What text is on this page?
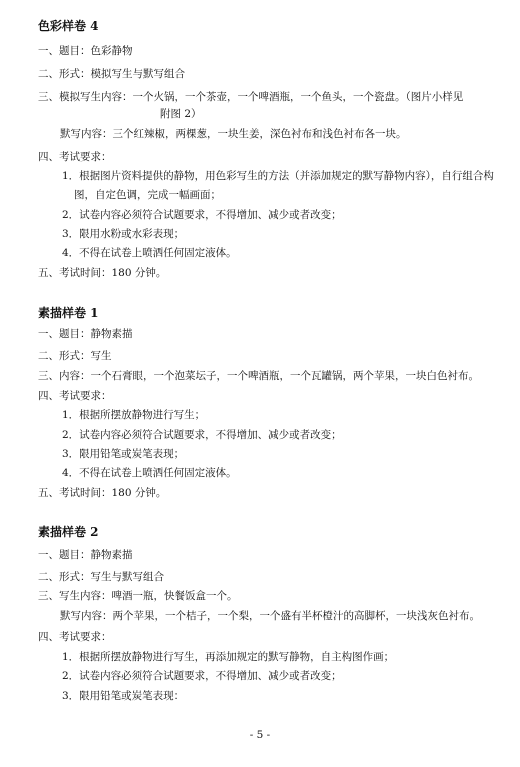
色彩样卷 4
一、题目：色彩静物
二、形式：模拟写生与默写组合
三、模拟写生内容：一个火锅，一个茶壶，一个啤酒瓶，一个鱼头，一个瓷盘。（图片小样见
附图 2）
默写内容：三个红辣椒，两棵葱，一块生姜，深色衬布和浅色衬布各一块。
四、考试要求：
1．根据图片资料提供的静物，用色彩写生的方法（并添加规定的默写静物内容），自行组合构
图，自定色调，完成一幅画面；
2．试卷内容必须符合试题要求，不得增加、减少或者改变；
3．限用水粉或水彩表现；
4．不得在试卷上喷洒任何固定液体。
五、考试时间：180 分钟。
素描样卷 1
一、题目：静物素描
二、形式：写生
三、内容：一个石膏眼，一个泡菜坛子，一个啤酒瓶，一个瓦罐锅，两个苹果，一块白色衬布。
四、考试要求：
1．根据所摆放静物进行写生；
2．试卷内容必须符合试题要求，不得增加、减少或者改变；
3．限用铅笔或炭笔表现；
4．不得在试卷上喷洒任何固定液体。
五、考试时间：180 分钟。
素描样卷 2
一、题目：静物素描
二、形式：写生与默写组合
三、写生内容：啤酒一瓶，快餐饭盒一个。
默写内容：两个苹果，一个桔子，一个梨，一个盛有半杯橙汁的高脚杯，一块浅灰色衬布。
四、考试要求：
1．根据所摆放静物进行写生，再添加规定的默写静物，自主构图作画；
2．试卷内容必须符合试题要求，不得增加、减少或者改变；
3．限用铅笔或炭笔表现：
- 5 -
